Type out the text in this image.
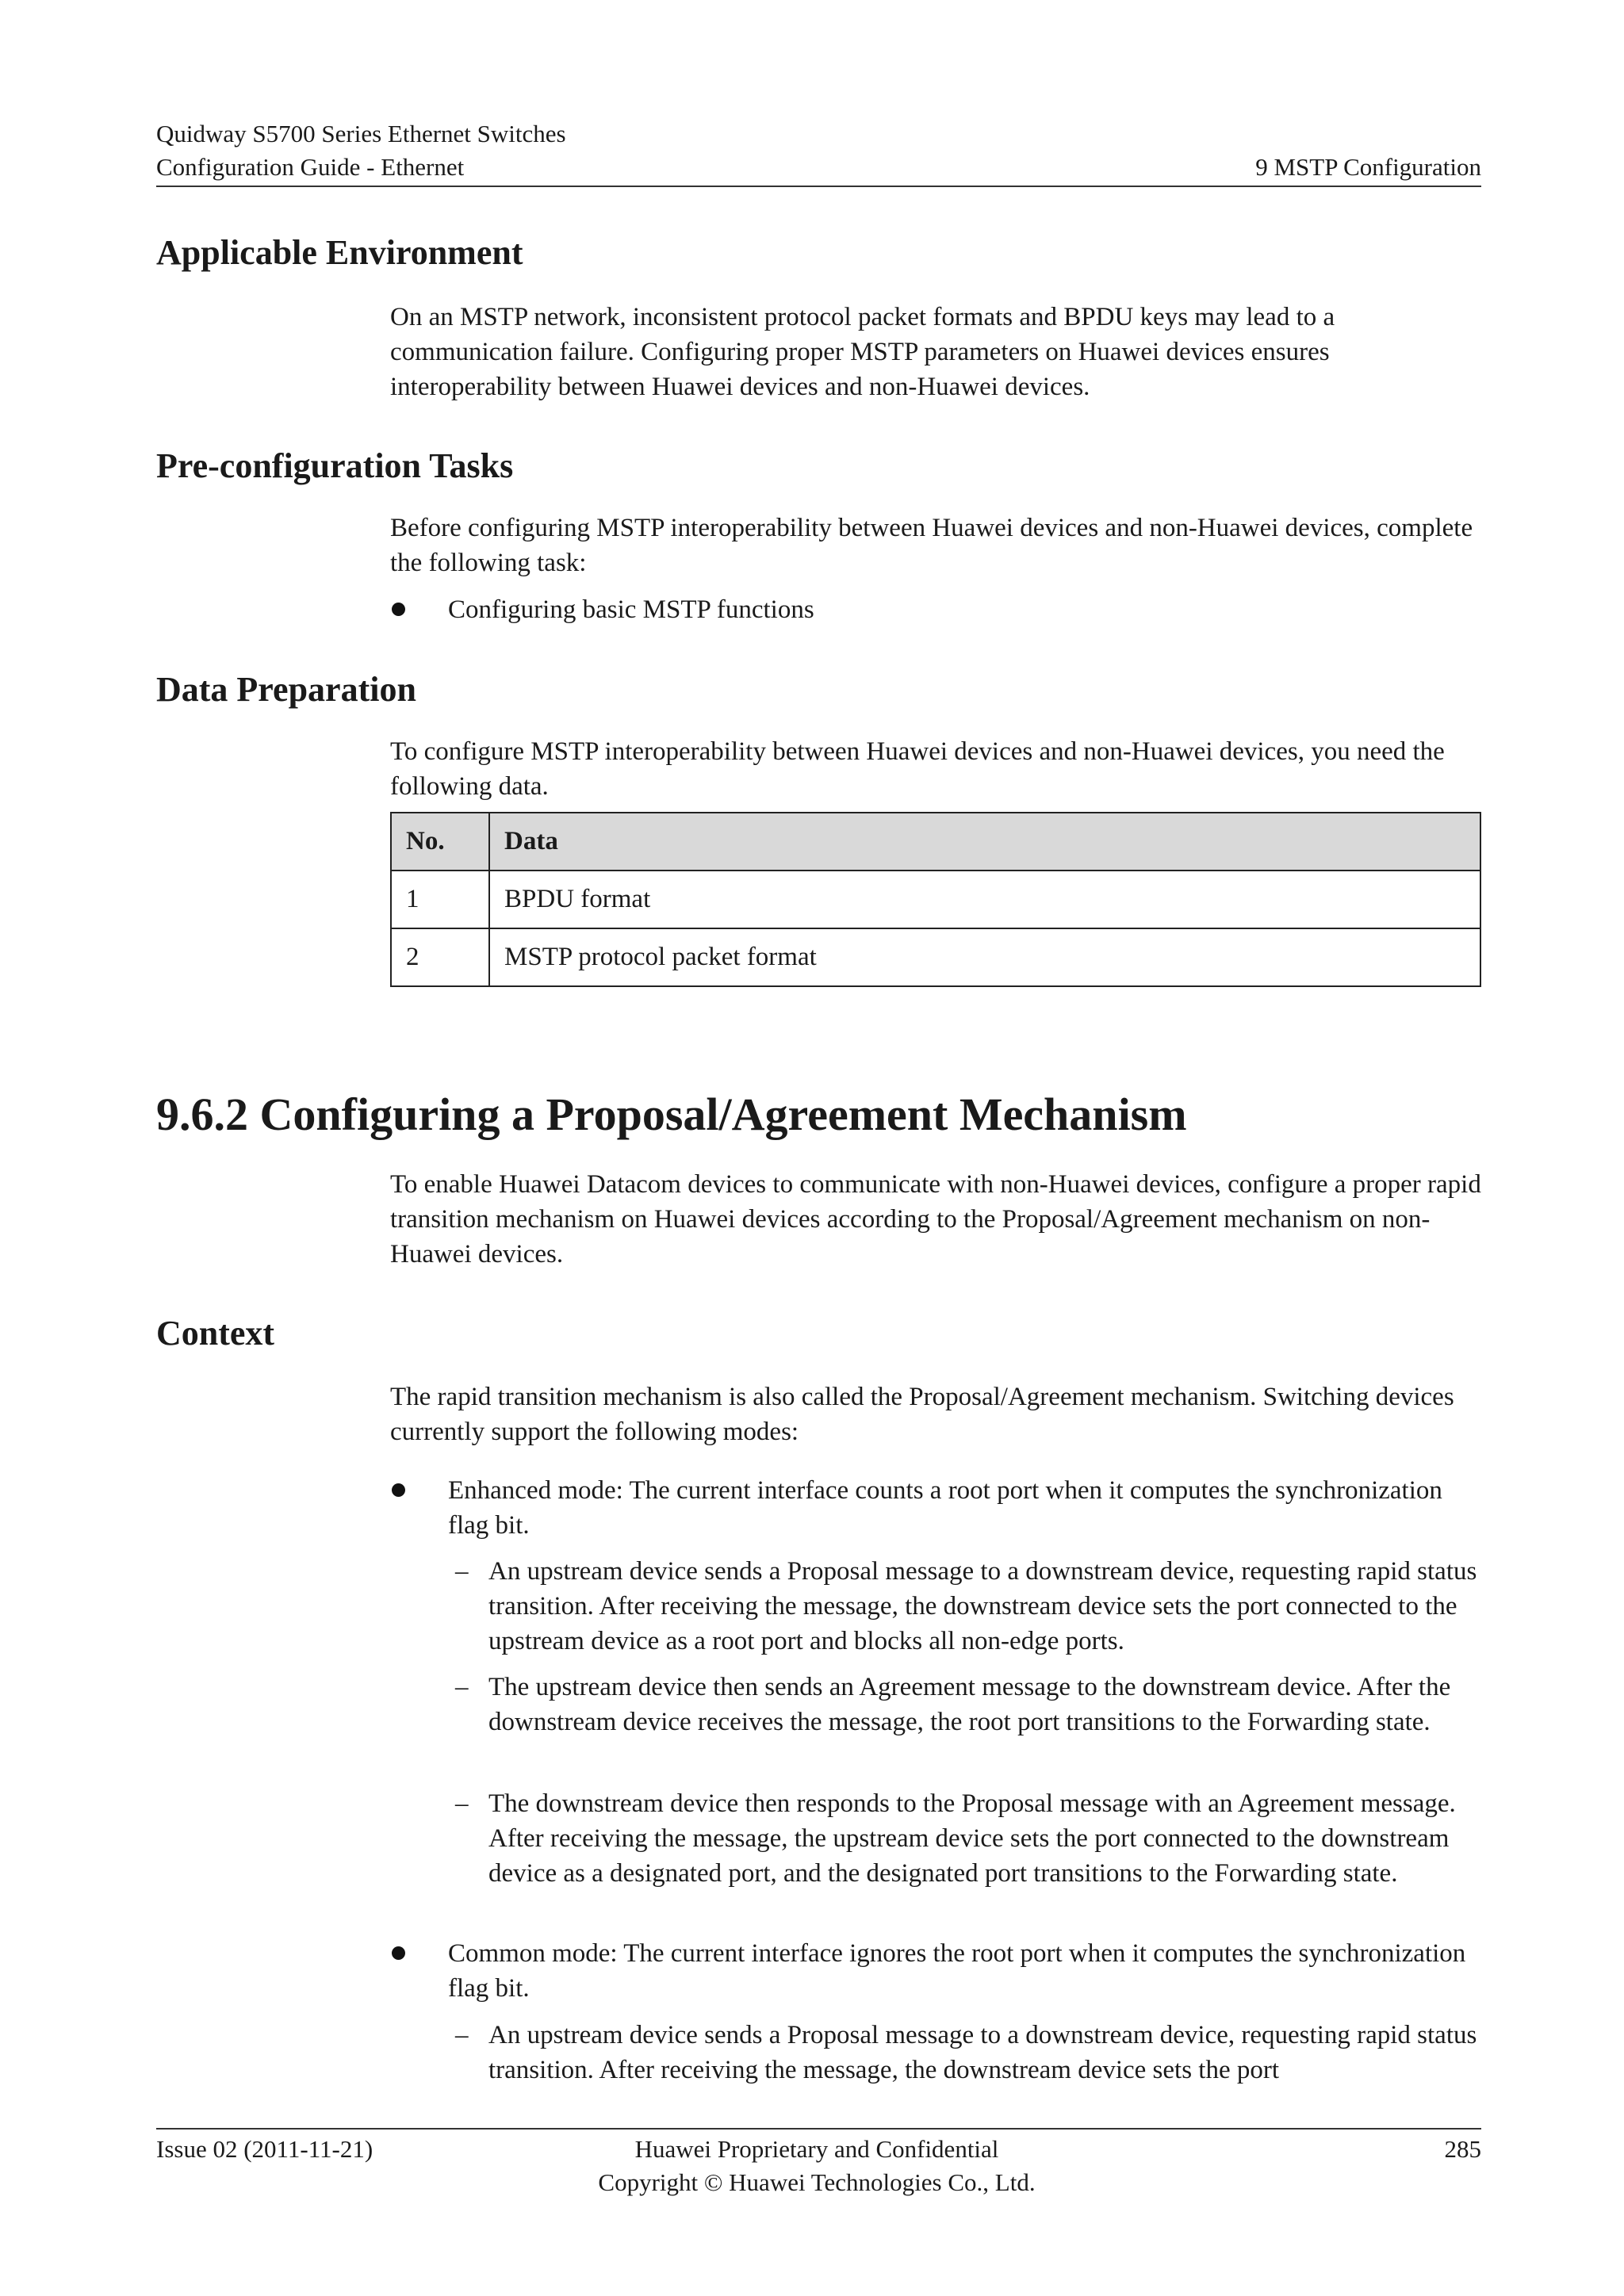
Quidway S5700 Series Ethernet Switches
Configuration Guide - Ethernet	9 MSTP Configuration
Applicable Environment
On an MSTP network, inconsistent protocol packet formats and BPDU keys may lead to a communication failure. Configuring proper MSTP parameters on Huawei devices ensures interoperability between Huawei devices and non-Huawei devices.
Pre-configuration Tasks
Before configuring MSTP interoperability between Huawei devices and non-Huawei devices, complete the following task:
Configuring basic MSTP functions
Data Preparation
To configure MSTP interoperability between Huawei devices and non-Huawei devices, you need the following data.
No.	Data
1	BPDU format
2	MSTP protocol packet format
9.6.2 Configuring a Proposal/Agreement Mechanism
To enable Huawei Datacom devices to communicate with non-Huawei devices, configure a proper rapid transition mechanism on Huawei devices according to the Proposal/Agreement mechanism on non-Huawei devices.
Context
The rapid transition mechanism is also called the Proposal/Agreement mechanism. Switching devices currently support the following modes:
Enhanced mode: The current interface counts a root port when it computes the synchronization flag bit.
– An upstream device sends a Proposal message to a downstream device, requesting rapid status transition. After receiving the message, the downstream device sets the port connected to the upstream device as a root port and blocks all non-edge ports.
– The upstream device then sends an Agreement message to the downstream device. After the downstream device receives the message, the root port transitions to the Forwarding state.
– The downstream device then responds to the Proposal message with an Agreement message. After receiving the message, the upstream device sets the port connected to the downstream device as a designated port, and the designated port transitions to the Forwarding state.
Common mode: The current interface ignores the root port when it computes the synchronization flag bit.
– An upstream device sends a Proposal message to a downstream device, requesting rapid status transition. After receiving the message, the downstream device sets the port
Issue 02 (2011-11-21)	Huawei Proprietary and Confidential
Copyright © Huawei Technologies Co., Ltd.
285
